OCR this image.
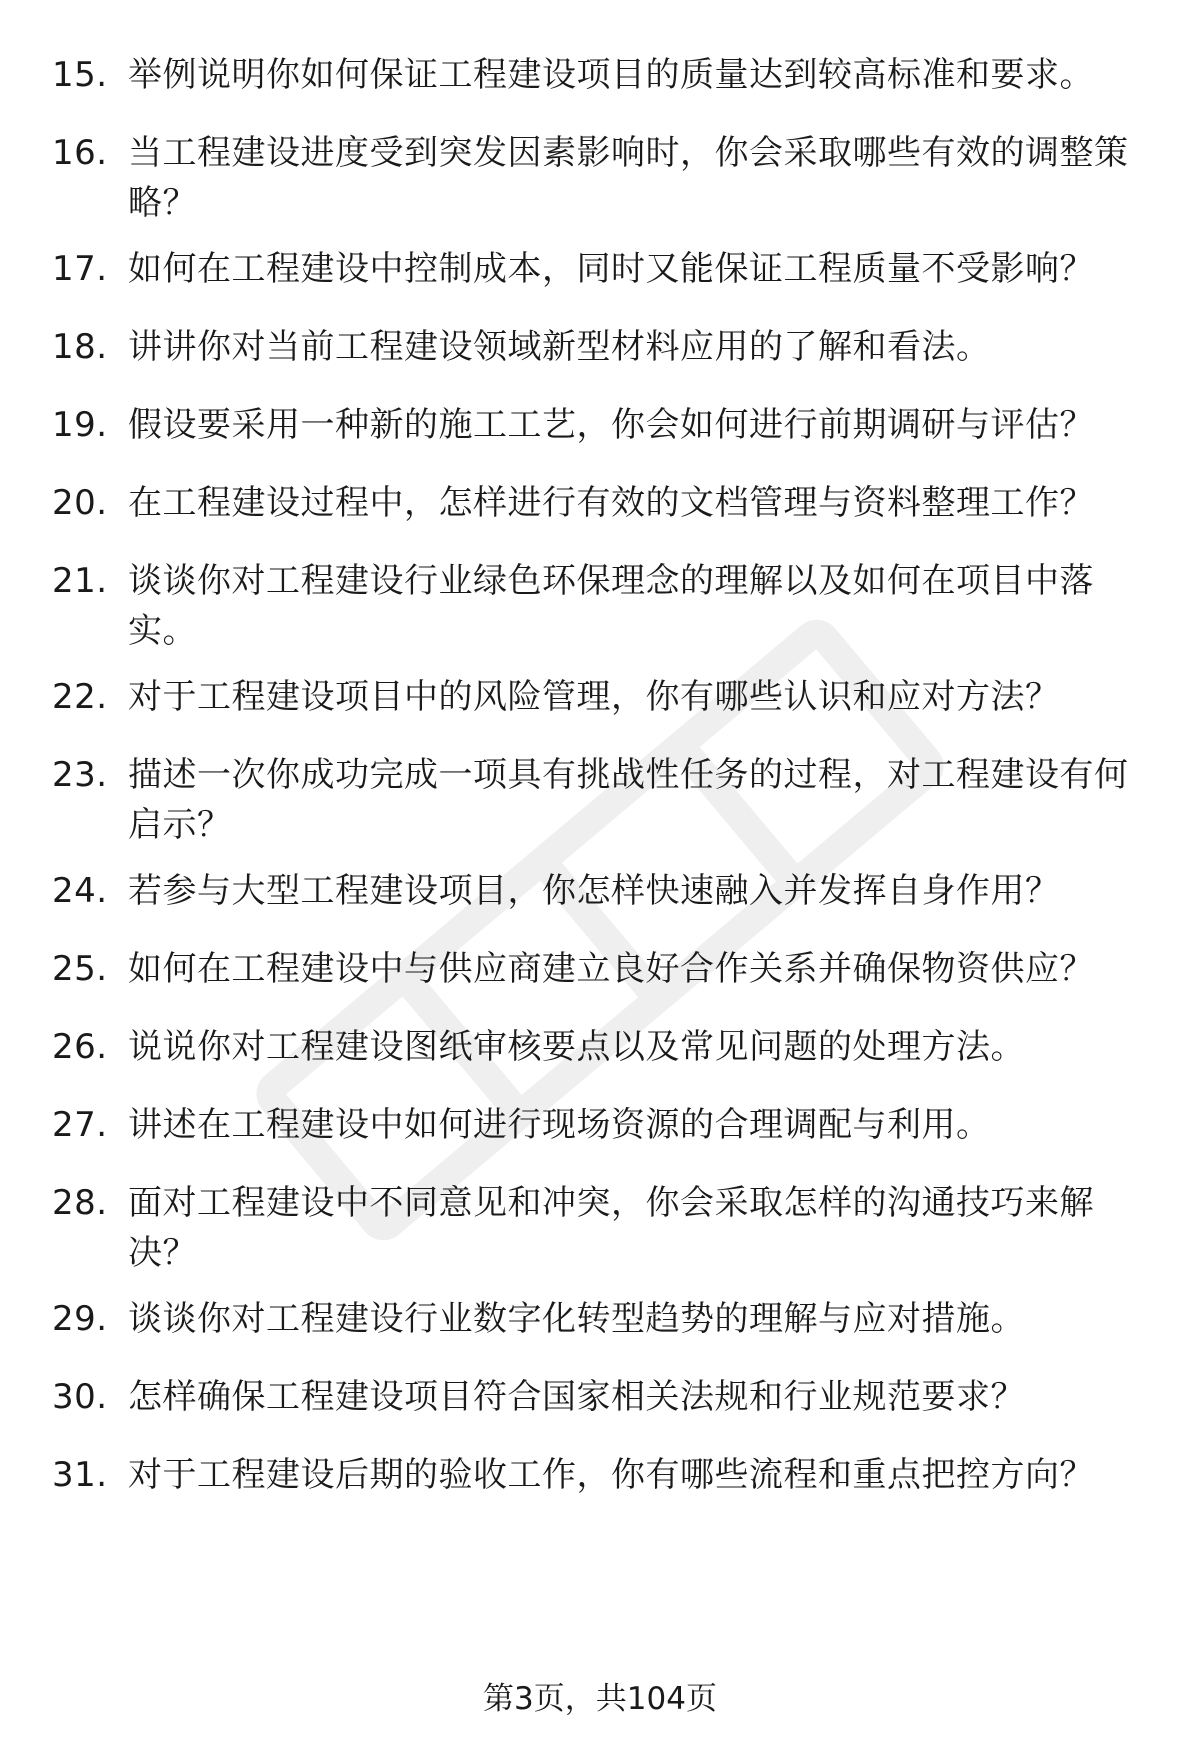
15. 举例说明你如何保证工程建设项目的质量达到较高标准和要求。
16. 当工程建设进度受到突发因素影响时，你会采取哪些有效的调整策略？
17. 如何在工程建设中控制成本，同时又能保证工程质量不受影响？
18. 讲讲你对当前工程建设领域新型材料应用的了解和看法。
19. 假设要采用一种新的施工工艺，你会如何进行前期调研与评估？
20. 在工程建设过程中，怎样进行有效的文档管理与资料整理工作？
21. 谈谈你对工程建设行业绿色环保理念的理解以及如何在项目中落实。
22. 对于工程建设项目中的风险管理，你有哪些认识和应对方法？
23. 描述一次你成功完成一项具有挑战性任务的过程，对工程建设有何启示？
24. 若参与大型工程建设项目，你怎样快速融入并发挥自身作用？
25. 如何在工程建设中与供应商建立良好合作关系并确保物资供应？
26. 说说你对工程建设图纸审核要点以及常见问题的处理方法。
27. 讲述在工程建设中如何进行现场资源的合理调配与利用。
28. 面对工程建设中不同意见和冲突，你会采取怎样的沟通技巧来解决？
29. 谈谈你对工程建设行业数字化转型趋势的理解与应对措施。
30. 怎样确保工程建设项目符合国家相关法规和行业规范要求？
31. 对于工程建设后期的验收工作，你有哪些流程和重点把控方向？
第3页，共104页
